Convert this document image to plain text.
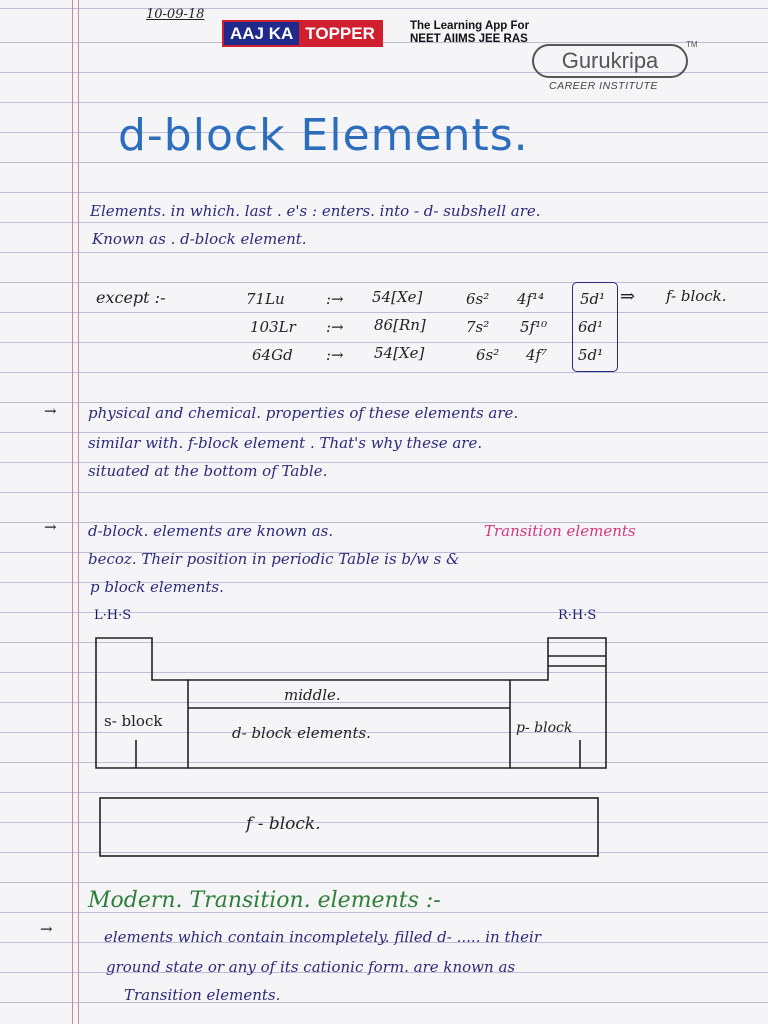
10-09-18
AAJ KA TOPPER	The Learning App For
NEET AIIMS JEE RAS
Gurukripa
TM
CAREER INSTITUTE
d-block Elements.
Elements. in which. last . e's : enters. into - d- subshell are.
Known as . d-block element.
except :-	71Lu	:→ 54[Xe]	6s² 4f¹⁴ 5d¹
103Lr :→ 86[Rn]	7s² 5f¹⁰ 6d¹
64Gd :→ 54[Xe]	6s² 4f⁷ 5d¹
⇒ f- block.
→ physical and chemical. properties of these elements are.
similar with. f-block element . That's why these are.
situated at the bottom of Table.
→ d-block. elements are known as.	Transition elements
becoz. Their position in periodic Table is b/w s &
p block elements.
L·H·S	R·H·S
middle.
s- block
d- block elements.	p- block
f - block.
Modern. Transition. elements :-
→	elements which contain incompletely. filled d- ..... in their
ground state or any of its cationic form. are known as
Transition elements.
